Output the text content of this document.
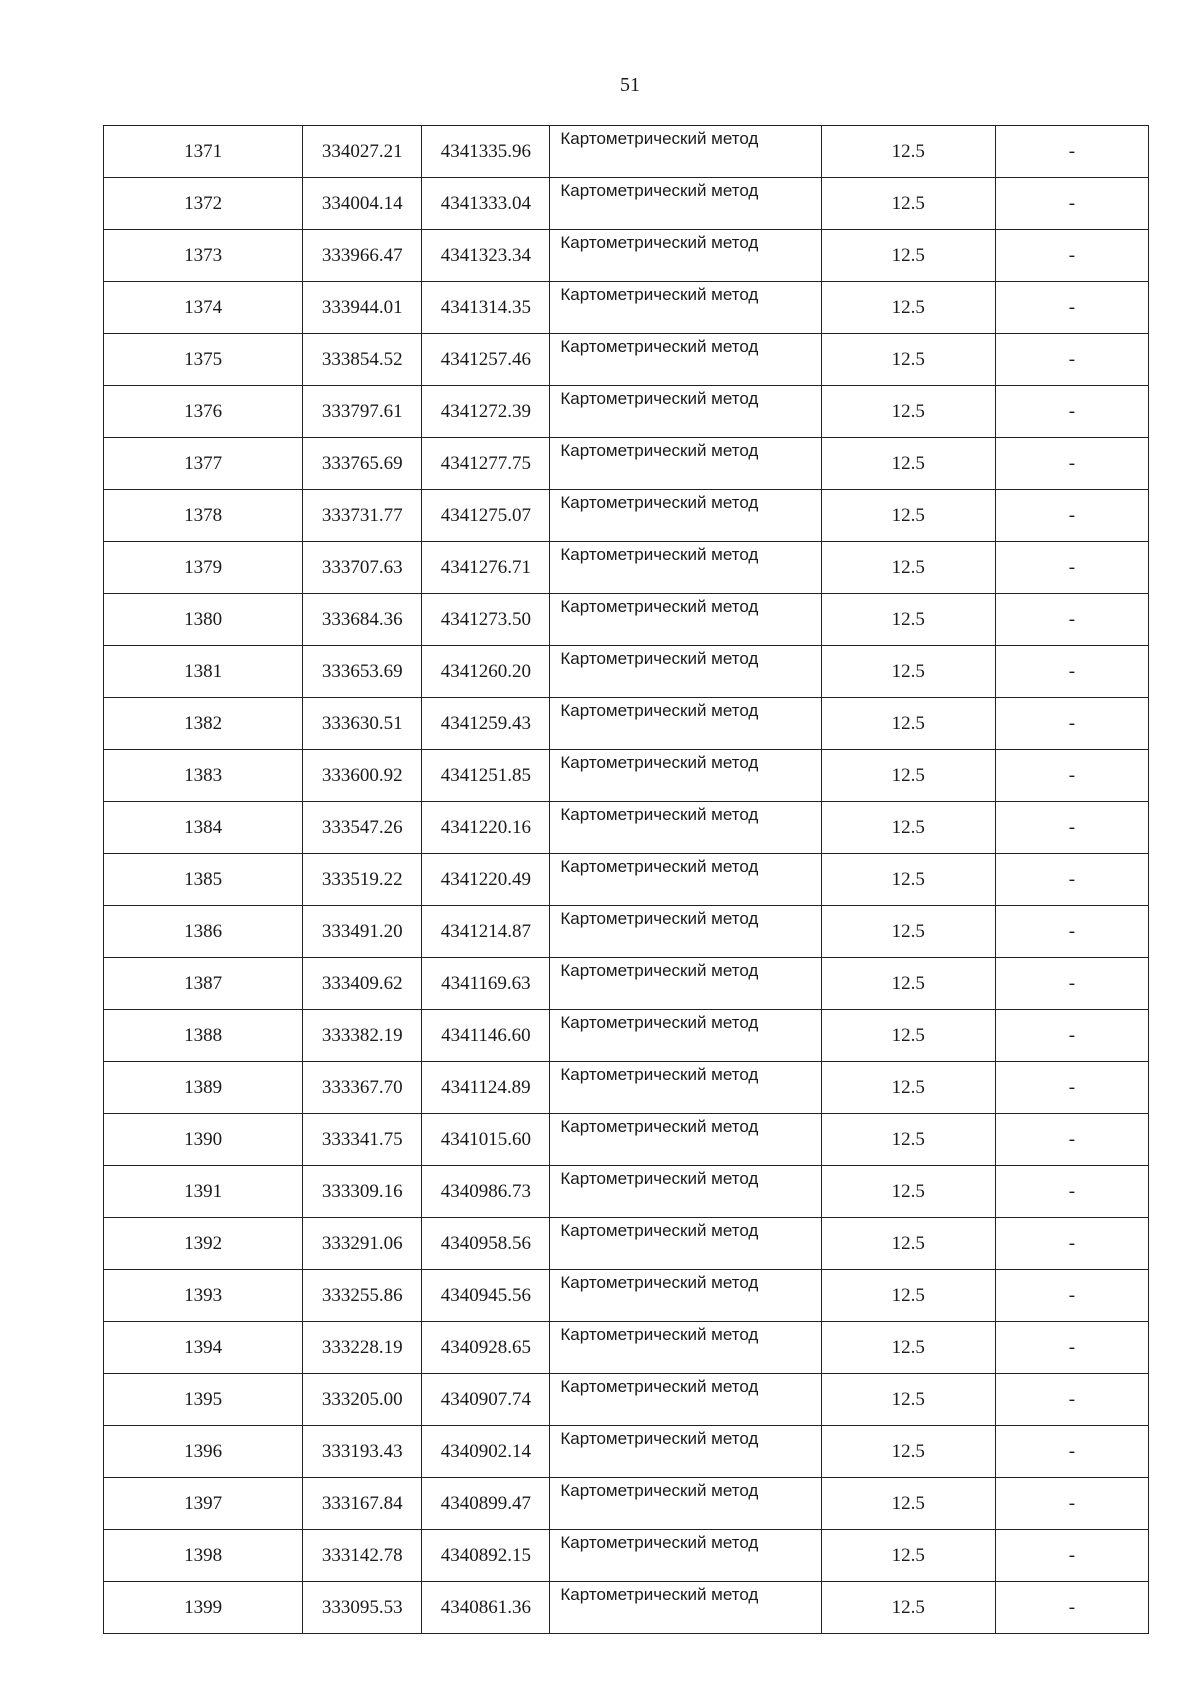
51
1371	334027.21	4341335.96	Картометрический метод	12.5	-
1372	334004.14	4341333.04	Картометрический метод	12.5	-
1373	333966.47	4341323.34	Картометрический метод	12.5	-
1374	333944.01	4341314.35	Картометрический метод	12.5	-
1375	333854.52	4341257.46	Картометрический метод	12.5	-
1376	333797.61	4341272.39	Картометрический метод	12.5	-
1377	333765.69	4341277.75	Картометрический метод	12.5	-
1378	333731.77	4341275.07	Картометрический метод	12.5	-
1379	333707.63	4341276.71	Картометрический метод	12.5	-
1380	333684.36	4341273.50	Картометрический метод	12.5	-
1381	333653.69	4341260.20	Картометрический метод	12.5	-
1382	333630.51	4341259.43	Картометрический метод	12.5	-
1383	333600.92	4341251.85	Картометрический метод	12.5	-
1384	333547.26	4341220.16	Картометрический метод	12.5	-
1385	333519.22	4341220.49	Картометрический метод	12.5	-
1386	333491.20	4341214.87	Картометрический метод	12.5	-
1387	333409.62	4341169.63	Картометрический метод	12.5	-
1388	333382.19	4341146.60	Картометрический метод	12.5	-
1389	333367.70	4341124.89	Картометрический метод	12.5	-
1390	333341.75	4341015.60	Картометрический метод	12.5	-
1391	333309.16	4340986.73	Картометрический метод	12.5	-
1392	333291.06	4340958.56	Картометрический метод	12.5	-
1393	333255.86	4340945.56	Картометрический метод	12.5	-
1394	333228.19	4340928.65	Картометрический метод	12.5	-
1395	333205.00	4340907.74	Картометрический метод	12.5	-
1396	333193.43	4340902.14	Картометрический метод	12.5	-
1397	333167.84	4340899.47	Картометрический метод	12.5	-
1398	333142.78	4340892.15	Картометрический метод	12.5	-
1399	333095.53	4340861.36	Картометрический метод	12.5	-
